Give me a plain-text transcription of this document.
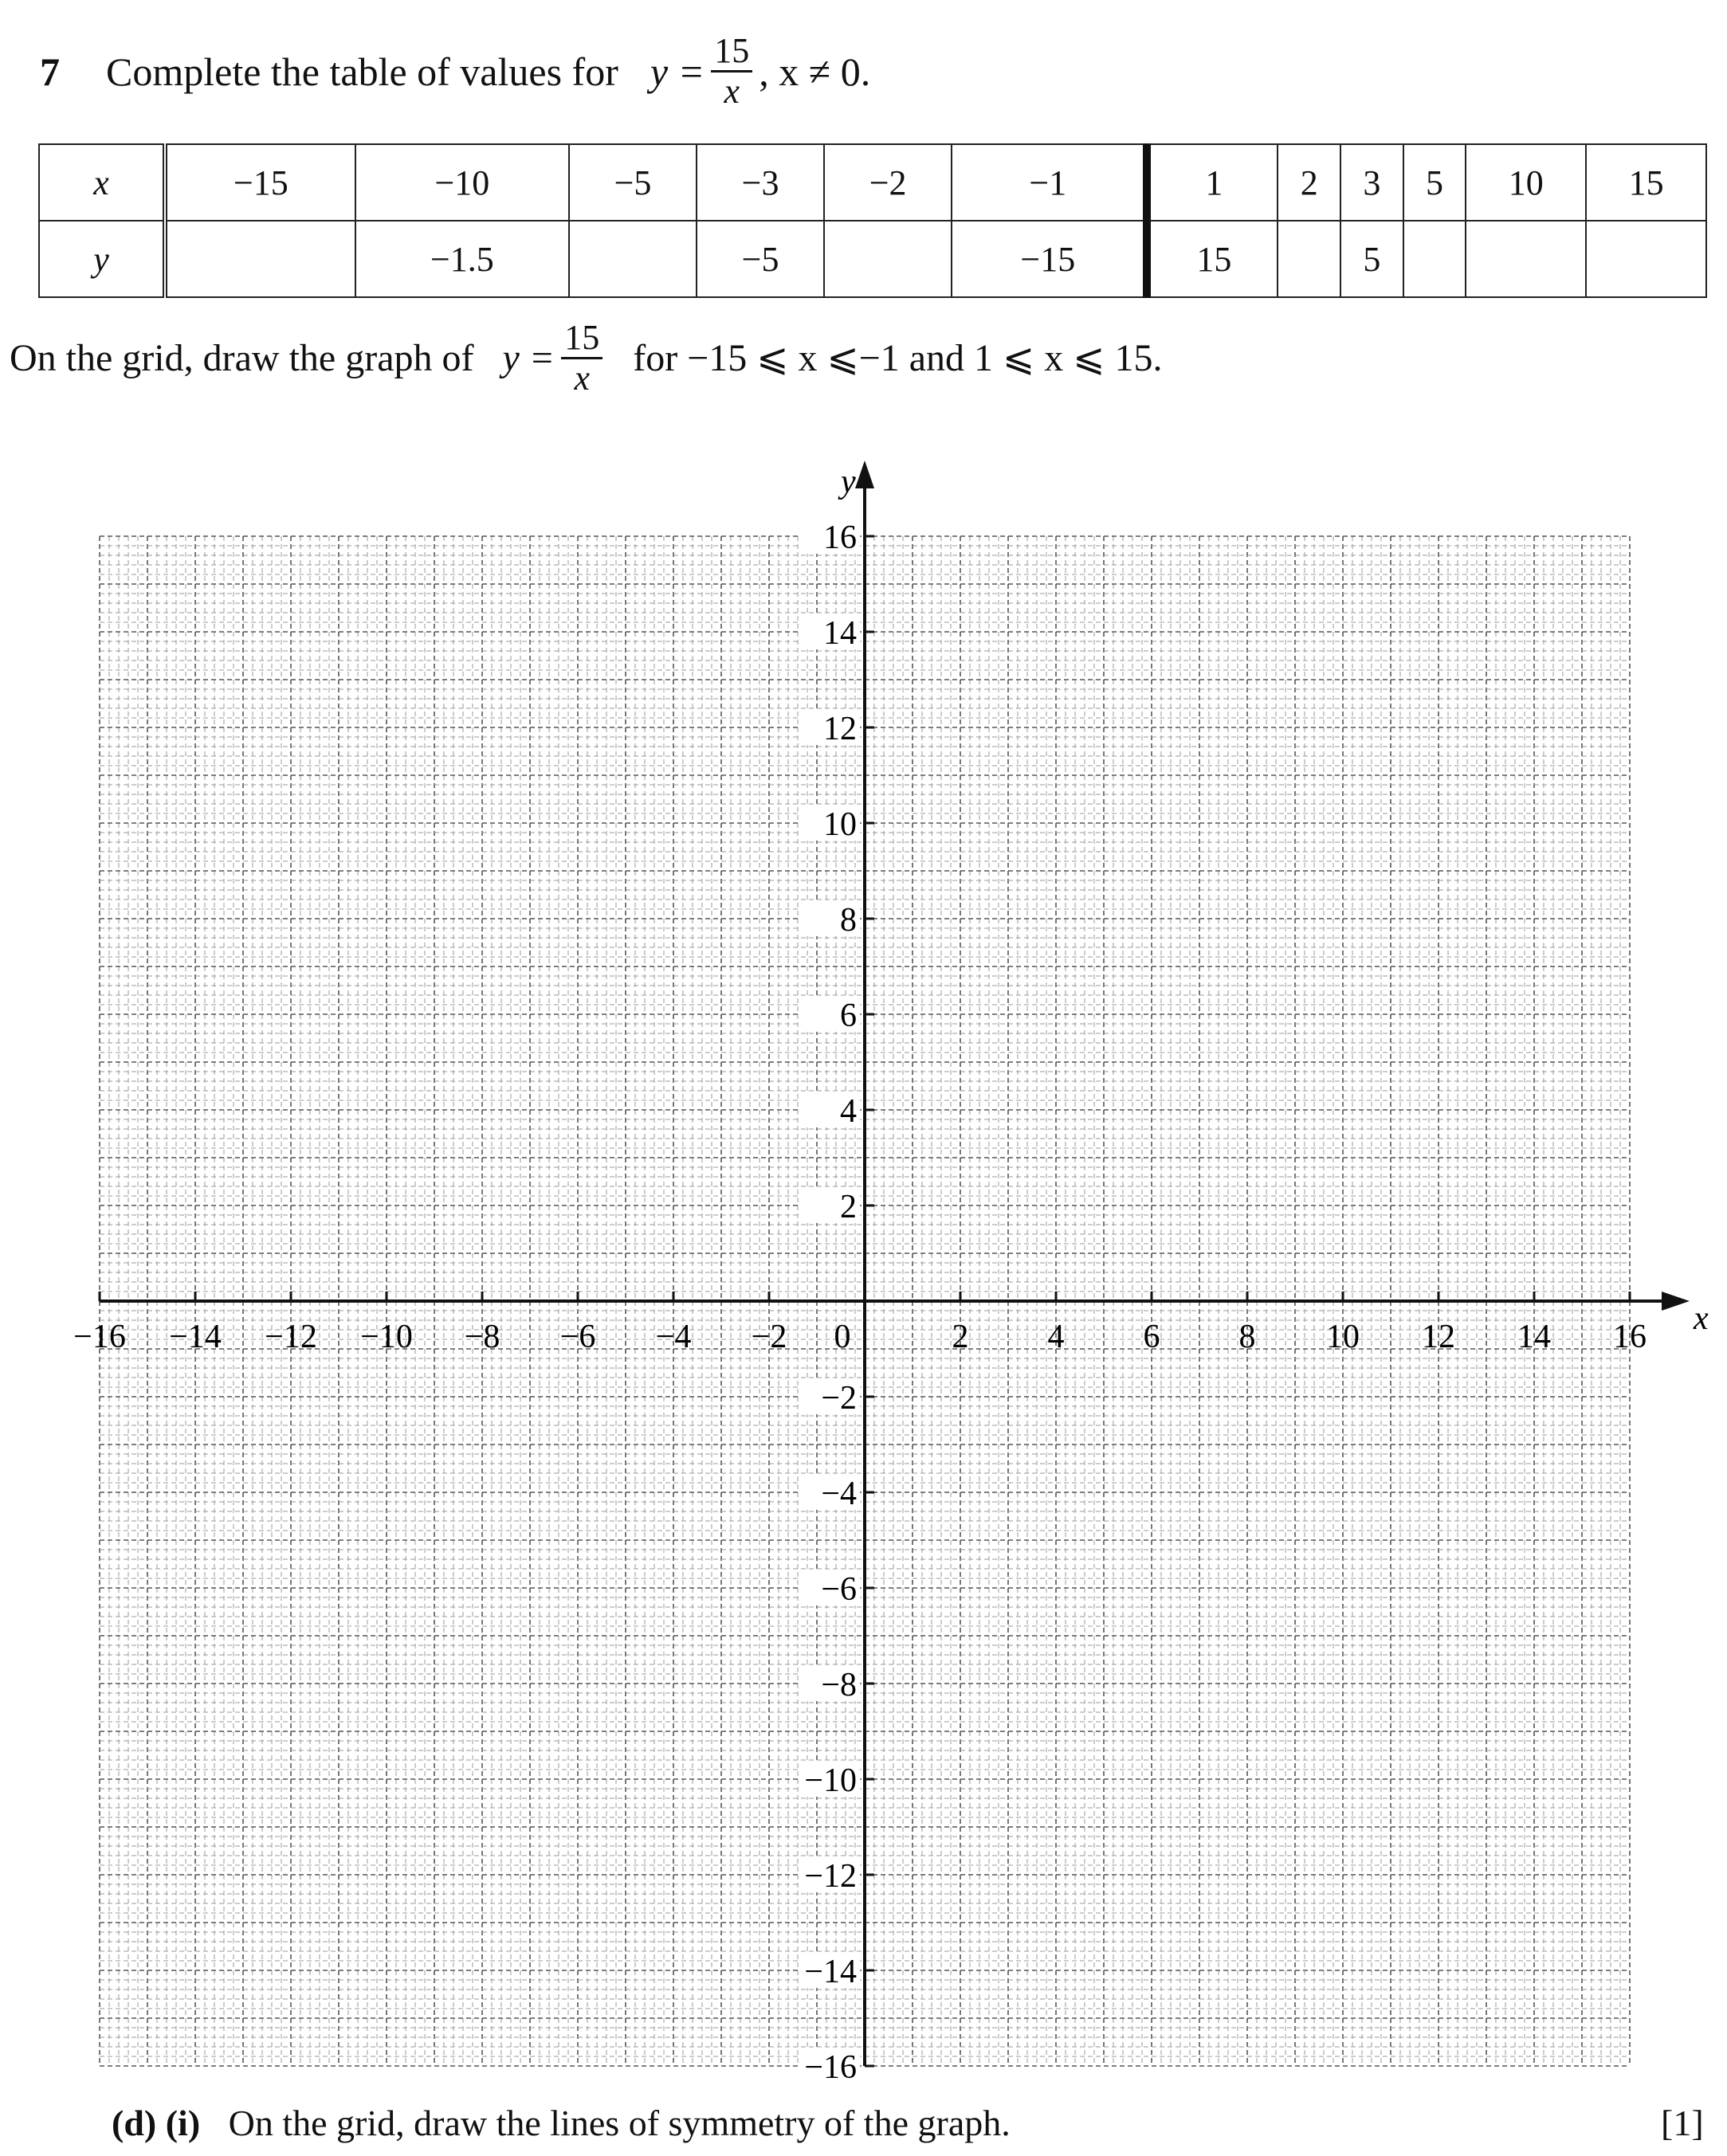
7 Complete the table of values for $y = \frac{15}{x}$ , x ≠ 0.
x	−15	−10	−5	−3	−2	−1	1	2	3	5	10	15
y		−1.5		−5		−15	15		5			
On the grid, draw the graph of $y = \frac{15}{x}$ for −15 ⩽ x ⩽−1 and 1 ⩽ x ⩽ 15.
x
y
16
14
12
10
8
6
4
2
−2
−4
−6
−8
−10
−12
−14
−16
−16 −14 −12 −10 −8 −6 −4 −2 0	2 4 6 8 10 12 14 16
(d) (i) On the grid, draw the lines of symmetry of the graph.	[1]
